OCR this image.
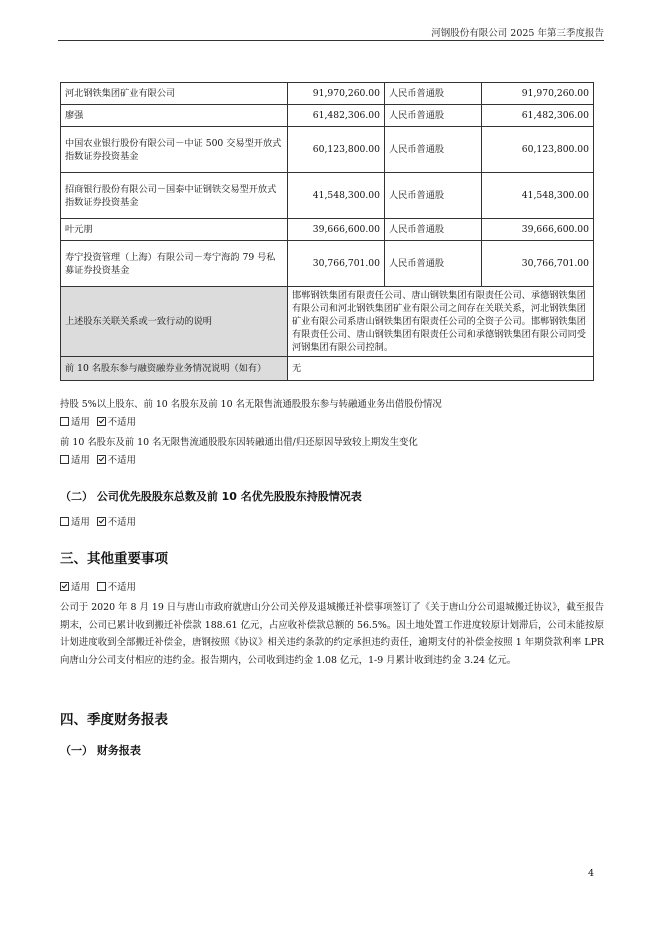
河钢股份有限公司 2025 年第三季度报告
河北钢铁集团矿业有限公司	91,970,260.00	人民币普通股	91,970,260.00
廖强	61,482,306.00	人民币普通股	61,482,306.00
中国农业银行股份有限公司－中证 500 交易型开放式指数证券投资基金	60,123,800.00	人民币普通股	60,123,800.00
招商银行股份有限公司－国泰中证钢铁交易型开放式指数证券投资基金	41,548,300.00	人民币普通股	41,548,300.00
叶元朋	39,666,600.00	人民币普通股	39,666,600.00
寿宁投资管理（上海）有限公司－寿宁海韵 79 号私募证券投资基金	30,766,701.00	人民币普通股	30,766,701.00
上述股东关联关系或一致行动的说明	邯郸钢铁集团有限责任公司、唐山钢铁集团有限责任公司、承德钢铁集团有限公司和河北钢铁集团矿业有限公司之间存在关联关系，河北钢铁集团矿业有限公司系唐山钢铁集团有限责任公司的全资子公司。邯郸钢铁集团有限责任公司、唐山钢铁集团有限责任公司和承德钢铁集团有限公司同受河钢集团有限公司控制。		
前 10 名股东参与融资融券业务情况说明（如有）	无		
持股 5%以上股东、前 10 名股东及前 10 名无限售流通股股东参与转融通业务出借股份情况
适用 不适用
前 10 名股东及前 10 名无限售流通股股东因转融通出借/归还原因导致较上期发生变化
适用 不适用
（二） 公司优先股股东总数及前 10 名优先股股东持股情况表
适用 不适用
三、其他重要事项
适用 不适用
公司于 2020 年 8 月 19 日与唐山市政府就唐山分公司关停及退城搬迁补偿事项签订了《关于唐山分公司退城搬迁协议》，截至报告期末，公司已累计收到搬迁补偿款 188.61 亿元，占应收补偿款总额的 56.5%。因土地处置工作进度较原计划滞后，公司未能按原计划进度收到全部搬迁补偿金，唐钢按照《协议》相关违约条款的约定承担违约责任，逾期支付的补偿金按照 1 年期贷款利率 LPR 向唐山分公司支付相应的违约金。报告期内，公司收到违约金 1.08 亿元，1-9 月累计收到违约金 3.24 亿元。
四、季度财务报表
（一） 财务报表
4
